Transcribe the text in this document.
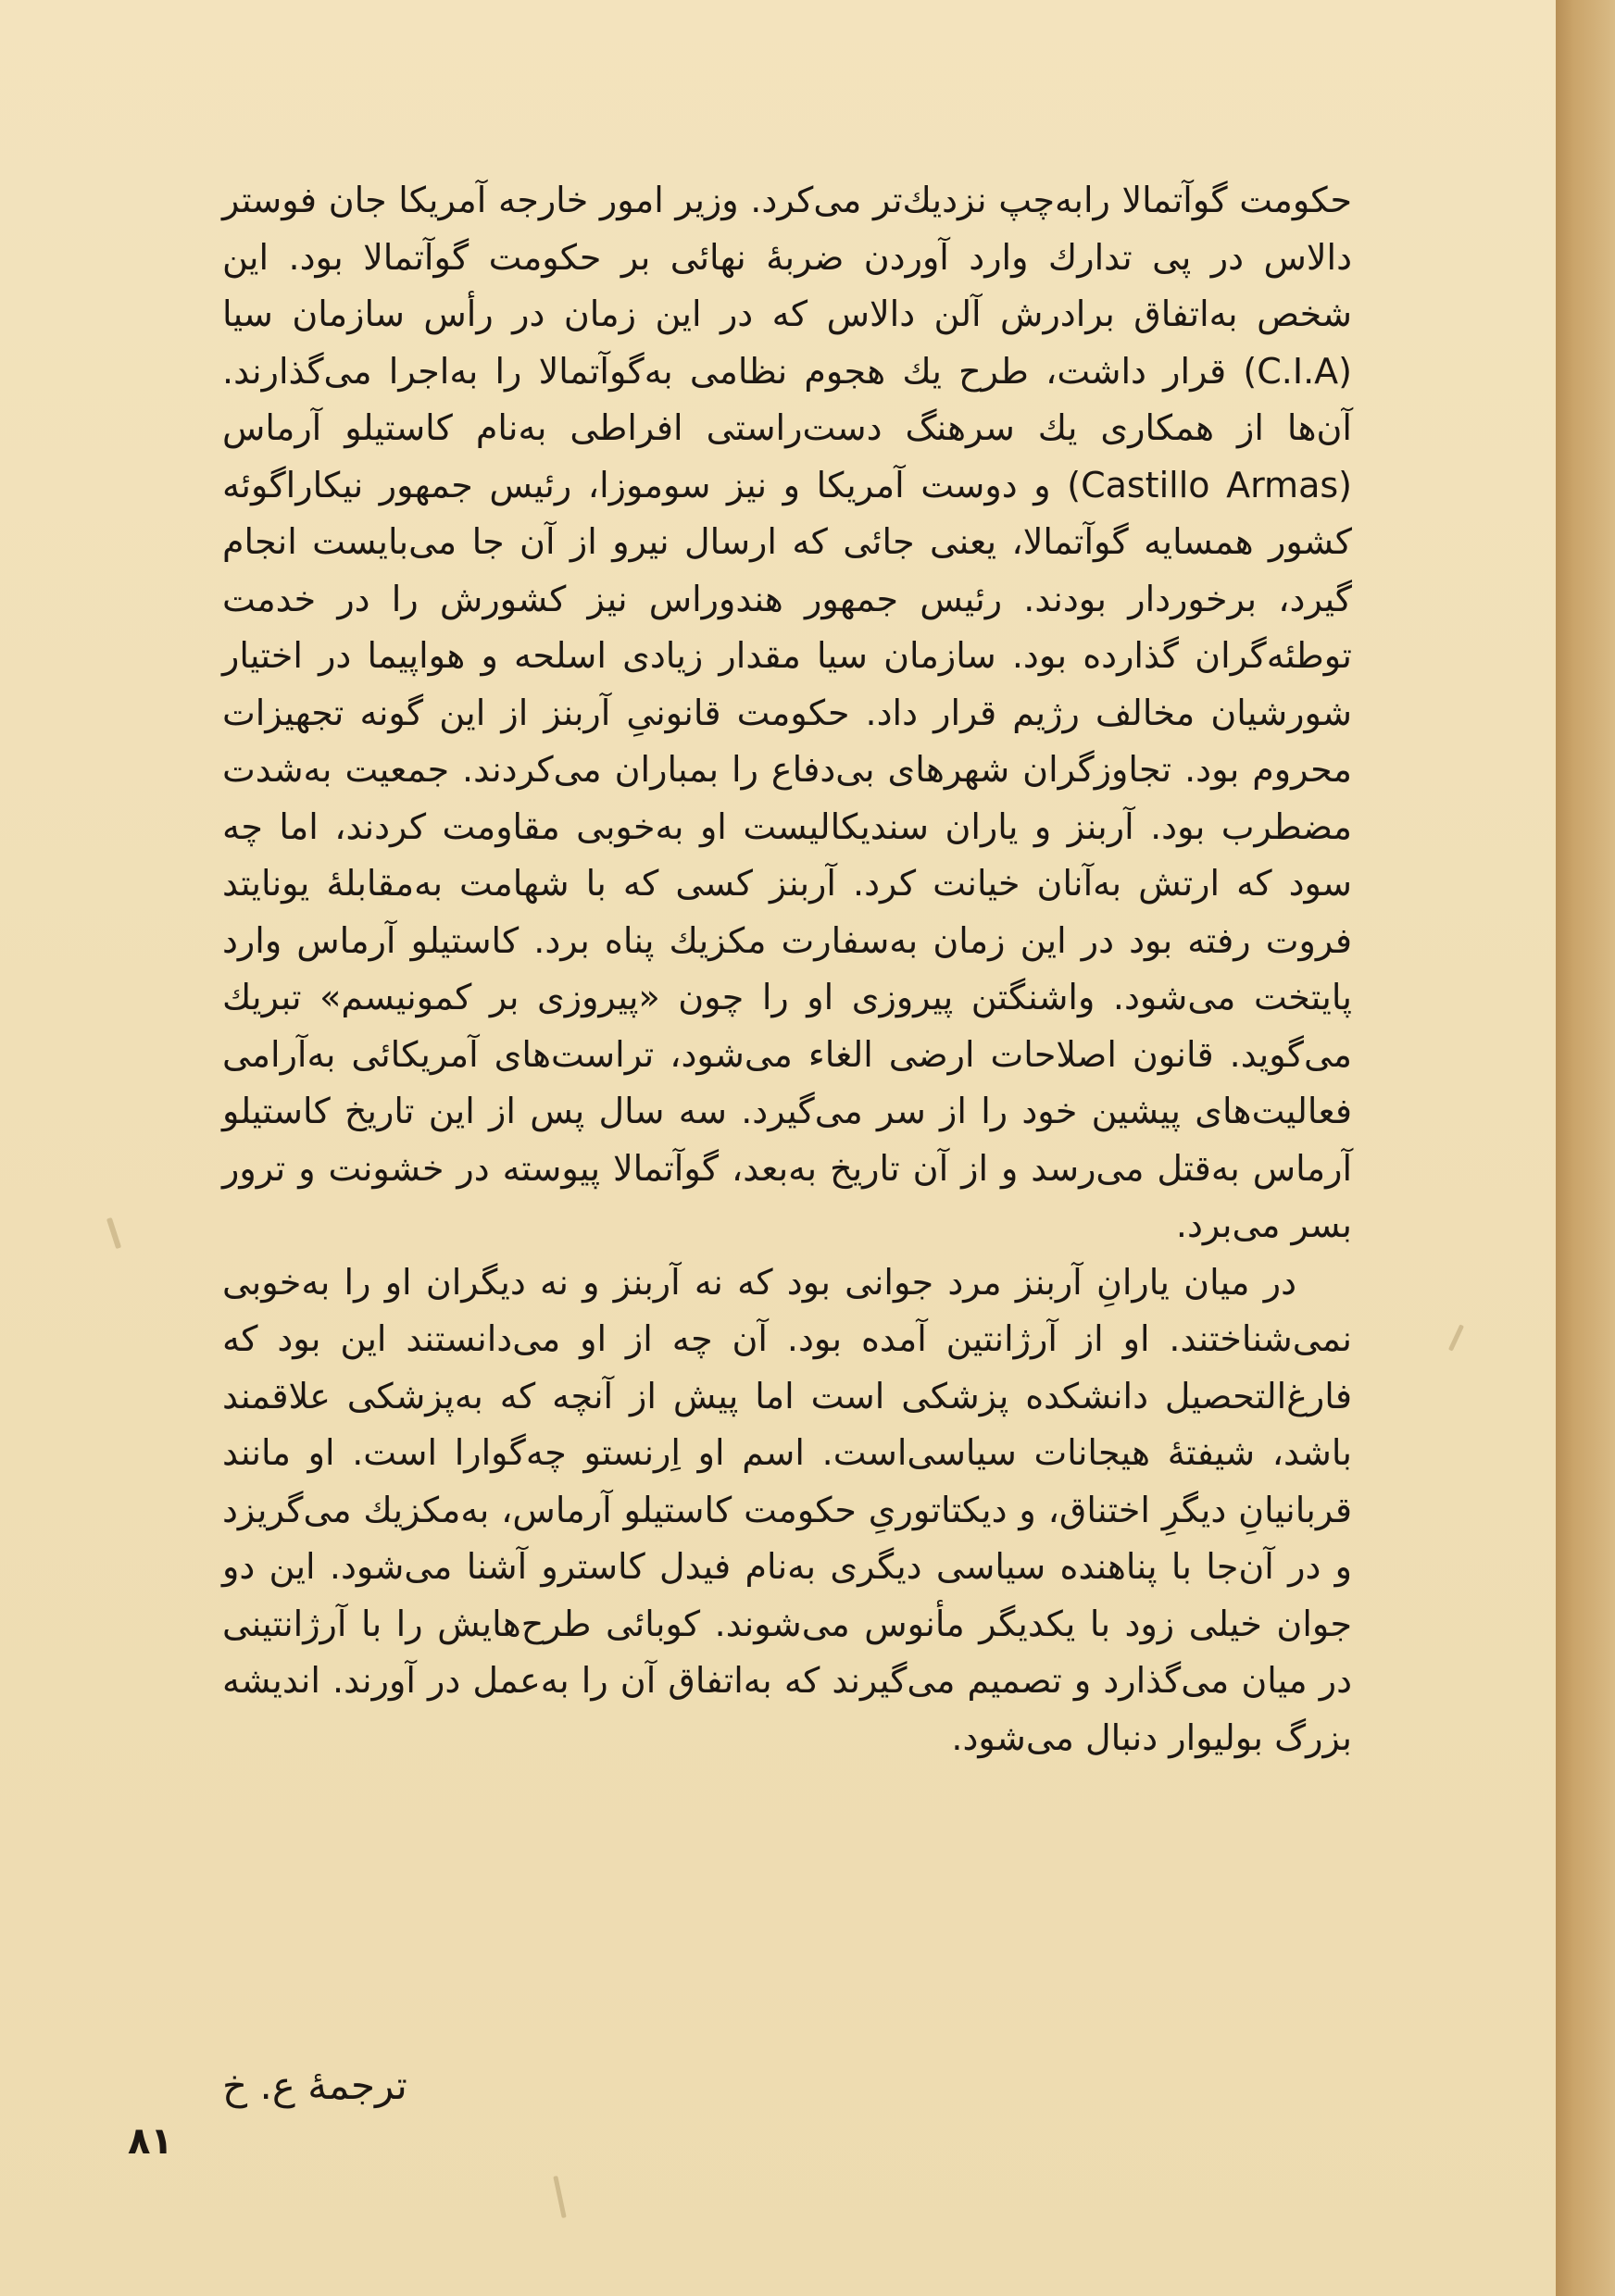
حکومت گوآتمالا رابه‌چپ نزدیك‌تر می‌کرد. وزیر امور خارجه آمریکا جان فوستر دالاس در پی تدارك وارد آوردن ضربهٔ نهائی بر حکومت گوآتمالا بود. این شخص به‌اتفاق برادرش آلن دالاس که در این زمان در رأس سازمان سیا (C.I.A) قرار داشت، طرح یك هجوم نظامی به‌گوآتمالا را به‌اجرا می‌گذارند. آن‌ها از همکاری یك سرهنگ دست‌راستی افراطی به‌نام کاستیلو آرماس (Castillo Armas) و دوست آمریکا و نیز سوموزا، رئیس جمهور نیکاراگوئه کشور همسایه گوآتمالا، یعنی جائی که ارسال نیرو از آن جا می‌بایست انجام گیرد، برخوردار بودند. رئیس جمهور هندوراس نیز کشورش را در خدمت توطئه‌گران گذارده بود. سازمان سیا مقدار زیادی اسلحه و هواپیما در اختیار شورشیان مخالف رژیم قرار داد. حکومت قانونیِ آربنز از این گونه تجهیزات محروم بود. تجاوزگران شهرهای بی‌دفاع را بمباران می‌کردند. جمعیت به‌شدت مضطرب بود. آربنز و یاران سندیکالیست او به‌خوبی مقاومت کردند، اما چه سود که ارتش به‌آنان خیانت کرد. آربنز کسی که با شهامت به‌مقابلهٔ یونایتد فروت رفته بود در این زمان به‌سفارت مکزیك پناه برد. کاستیلو آرماس وارد پایتخت می‌شود. واشنگتن پیروزی او را چون «پیروزی بر کمونیسم» تبریك می‌گوید. قانون اصلاحات ارضی الغاء می‌شود، تراست‌های آمریکائی به‌آرامی فعالیت‌های پیشین خود را از سر می‌گیرد. سه سال پس از این تاریخ کاستیلو آرماس به‌قتل می‌رسد و از آن تاریخ به‌بعد، گوآتمالا پیوسته در خشونت و ترور بسر می‌برد.

در میان یارانِ آربنز مرد جوانی بود که نه آربنز و نه دیگران او را به‌خوبی نمی‌شناختند. او از آرژانتین آمده بود. آن چه از او می‌دانستند این بود که فارغ‌التحصیل دانشکده پزشکی است اما پیش از آنچه که به‌پزشکی علاقمند باشد، شیفتهٔ هیجانات سیاسی‌است. اسم او اِرنستو چه‌گوارا است. او مانند قربانیانِ دیگرِ اختناق، و دیکتاتوریِ حکومت کاستیلو آرماس، به‌مکزیك می‌گریزد و در آن‌جا با پناهنده سیاسی دیگری به‌نام فیدل کاسترو آشنا می‌شود. این دو جوان خیلی زود با یکدیگر مأنوس می‌شوند. کوبائی طرح‌هایش را با آرژانتینی در میان می‌گذارد و تصمیم می‌گیرند که به‌اتفاق آن را به‌عمل در آورند. اندیشه بزرگ بولیوار دنبال می‌شود.

ترجمهٔ ع. خ
۸۱
